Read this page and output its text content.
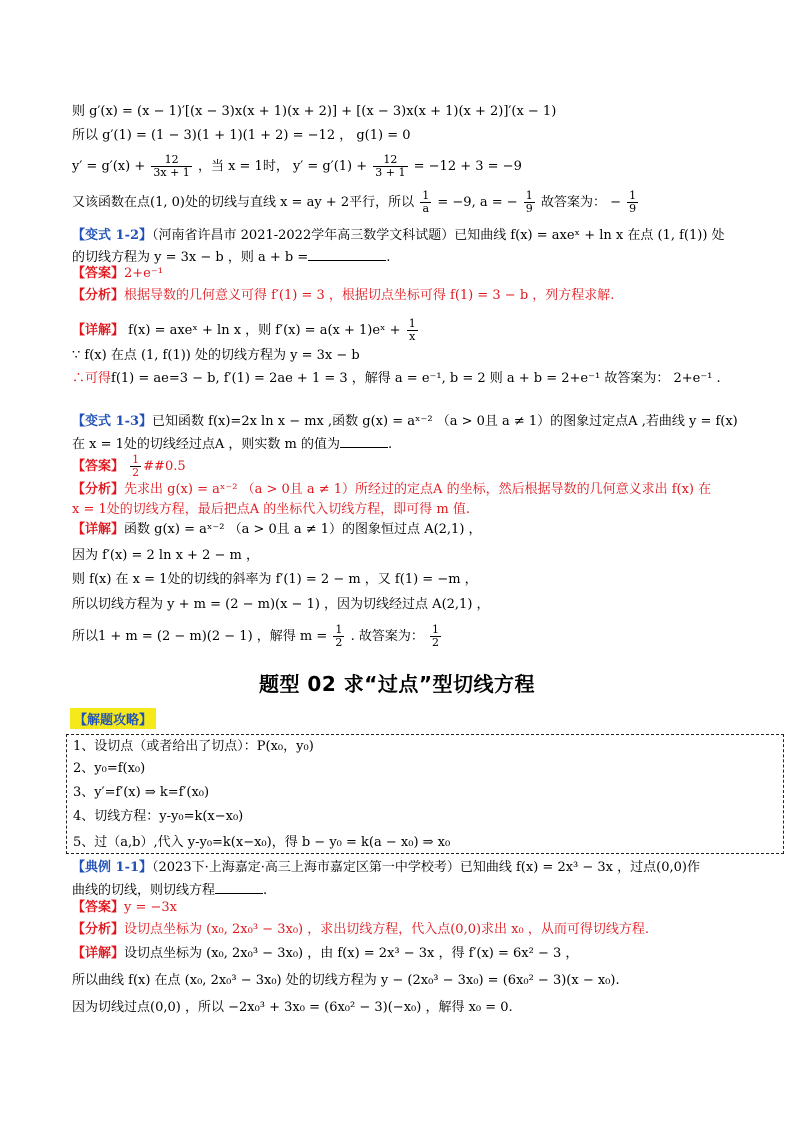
则 g′(x) = (x − 1)′[(x − 3)x(x + 1)(x + 2)] + [(x − 3)x(x + 1)(x + 2)]′(x − 1)
所以 g′(1) = (1 − 3)(1 + 1)(1 + 2) = −12 ， g(1) = 0
$y' = g'(x) + \frac{12}{3x + 1}$ ，当 x = 1时， $y' = g'(1) + \frac{12}{3 + 1} = -12 + 3 = -9$
又该函数在点(1, 0)处的切线与直线 x = ay + 2平行，所以 $\frac{1}{a} = -9$, a = − $\frac{1}{9}$ 故答案为： − $\frac{1}{9}$
【变式 1-2】（河南省许昌市 2021-2022学年高三数学文科试题）已知曲线 f(x) = axeˣ + ln x 在点 (1, f(1)) 处
的切线方程为 y = 3x − b ，则 a + b =	.
【答案】2+e⁻¹
【分析】根据导数的几何意义可得 f′(1) = 3 ，根据切点坐标可得 f(1) = 3 − b ，列方程求解.
【详解】 f(x) = axeˣ + ln x ，则 f′(x) = a(x + 1)eˣ + $\frac{1}{x}$
∵ f(x) 在点 (1, f(1)) 处的切线方程为 y = 3x − b
∴可得f(1) = ae=3 − b, f′(1) = 2ae + 1 = 3 ，解得 a = e⁻¹, b = 2 则 a + b = 2+e⁻¹ 故答案为： 2+e⁻¹ .
【变式 1-3】已知函数 f(x)=2x ln x − mx ,函数 g(x) = aˣ⁻² （a > 0且 a ≠ 1）的图象过定点A ,若曲线 y = f(x)
在 x = 1处的切线经过点A ，则实数 m 的值为	.
【答案】 $\frac{1}{2}$ ##0.5
【分析】先求出 g(x) = aˣ⁻² （a > 0且 a ≠ 1）所经过的定点A 的坐标，然后根据导数的几何意义求出 f(x) 在
x = 1处的切线方程，最后把点A 的坐标代入切线方程，即可得 m 值.
【详解】函数 g(x) = aˣ⁻² （a > 0且 a ≠ 1）的图象恒过点 A(2,1) ，
因为 f′(x) = 2 ln x + 2 − m ，
则 f(x) 在 x = 1处的切线的斜率为 f′(1) = 2 − m ，又 f(1) = −m ，
所以切线方程为 y + m = (2 − m)(x − 1) ，因为切线经过点 A(2,1) ，
所以1 + m = (2 − m)(2 − 1) ，解得 $m = \frac{1}{2}$ . 故答案为： $\frac{1}{2}$
题型 02 求“过点”型切线方程
【解题攻略】
1、设切点（或者给出了切点）：P(x₀，y₀)
2、y₀=f(x₀)
3、y′=f′(x) ⇒ k=f′(x₀)
4、切线方程：y-y₀=k(x−x₀)
5、过（a,b）,代入 y-y₀=k(x−x₀)，得 b − y₀ = k(a − x₀) ⇒ x₀
【典例 1-1】（2023下·上海嘉定·高三上海市嘉定区第一中学校考）已知曲线 f(x) = 2x³ − 3x ，过点(0,0)作
曲线的切线，则切线方程	.
【答案】y = −3x
【分析】设切点坐标为 (x₀, 2x₀³ − 3x₀) ，求出切线方程，代入点(0,0)求出 x₀ ，从而可得切线方程.
【详解】设切点坐标为 (x₀, 2x₀³ − 3x₀) ，由 f(x) = 2x³ − 3x ，得 f′(x) = 6x² − 3 ，
所以曲线 f(x) 在点 (x₀, 2x₀³ − 3x₀) 处的切线方程为 y − (2x₀³ − 3x₀) = (6x₀² − 3)(x − x₀).
因为切线过点(0,0) ，所以 −2x₀³ + 3x₀ = (6x₀² − 3)(−x₀) ，解得 x₀ = 0.
